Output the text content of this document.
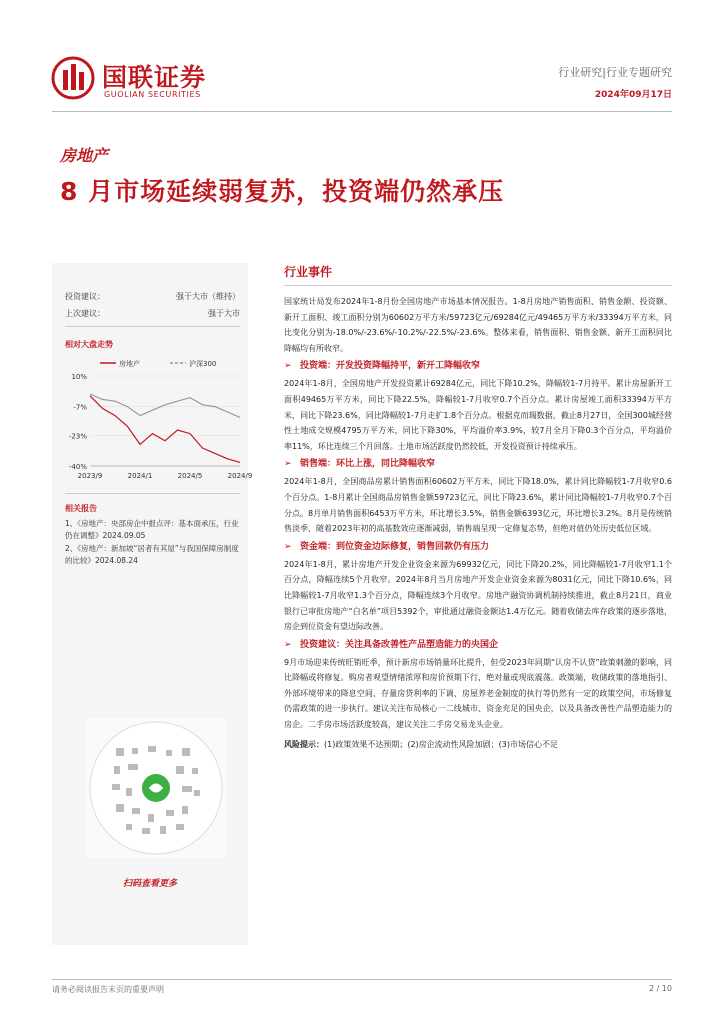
国联证券
GUOLIAN SECURITIES
行业研究|行业专题研究
2024年09月17日
房地产
8 月市场延续弱复苏，投资端仍然承压
投资建议：	强于大市（维持）
上次建议：	强于大市
相对大盘走势
房地产	沪深300
10%
-7%
-23%
-40%
2023/9	2024/1	2024/5	2024/9
相关报告

1、《房地产：央部房企中报点评：基本面承压，行业仍在调整》2024.09.05

2、《房地产：新加坡“居者有其屋”与我国保障房制度的比较》2024.08.24

扫码查看更多
行业事件
国家统计局发布2024年1-8月份全国房地产市场基本情况报告。1-8月房地产销售面积、销售金额、投资额、新开工面积、竣工面积分别为60602万平方米/59723亿元/69284亿元/49465万平方米/33394万平方米，同比变化分别为-18.0%/-23.6%/-10.2%/-22.5%/-23.6%。整体来看，销售面积、销售金额、新开工面积同比降幅均有所收窄。
➢ 投资端：开发投资降幅持平，新开工降幅收窄
2024年1-8月，全国房地产开发投资累计69284亿元，同比下降10.2%，降幅较1-7月持平。累计房屋新开工面积49465万平方米，同比下降22.5%，降幅较1-7月收窄0.7个百分点。累计房屋竣工面积33394万平方米，同比下降23.6%，同比降幅较1-7月走扩1.8个百分点。根据克而瑞数据，截止8月27日，全国300城经营性土地成交规模4795万平方米，同比下降30%，平均溢价率3.9%，较7月全月下降0.3个百分点，平均溢价率11%，环比连续三个月回落。土地市场活跃度仍然较低，开发投资预计持续承压。
➢ 销售端：环比上涨，同比降幅收窄
2024年1-8月，全国商品房累计销售面积60602万平方米，同比下降18.0%，累计同比降幅较1-7月收窄0.6个百分点。1-8月累计全国商品房销售金额59723亿元，同比下降23.6%，累计同比降幅较1-7月收窄0.7个百分点。8月单月销售面积6453万平方米，环比增长3.5%，销售金额6393亿元，环比增长3.2%。8月是传统销售淡季，随着2023年初的高基数效应逐渐减弱，销售端呈现一定修复态势，但绝对值仍处历史低位区域。
➢ 资金端：到位资金边际修复，销售回款仍有压力
2024年1-8月，累计房地产开发企业资金来源为69932亿元，同比下降20.2%，同比降幅较1-7月收窄1.1个百分点，降幅连续5个月收窄。2024年8月当月房地产开发企业资金来源为8031亿元，同比下降10.6%，同比降幅较1-7月收窄1.3个百分点，降幅连续3个月收窄。房地产融资协调机制持续推进，截止8月21日，商业银行已审批房地产“白名单”项目5392个，审批通过融资金额达1.4万亿元。随着收储去库存政策的逐步落地，房企到位资金有望边际改善。
➢ 投资建议：关注具备改善性产品塑造能力的央国企
9月市场迎来传统旺销旺季，预计新房市场销量环比提升，但受2023年同期“认房不认贷”政策刺激的影响，同比降幅或将修复。购房者观望情绪浓厚和房价预期下行，绝对量或现底震荡。政策端，收储政策的落地指引、外部环境带来的降息空间、存量房贷利率的下调、房屋养老金制度的执行等仍然有一定的政策空间，市场修复仍需政策的进一步执行。建议关注布局核心一二线城市、资金充足的国央企，以及具备改善性产品塑造能力的房企。二手房市场活跃度较高，建议关注二手房交易龙头企业。
风险提示：(1)政策效果不达预期；(2)房企流动性风险加剧；(3)市场信心不足
请务必阅读报告末页的重要声明	2 / 10
